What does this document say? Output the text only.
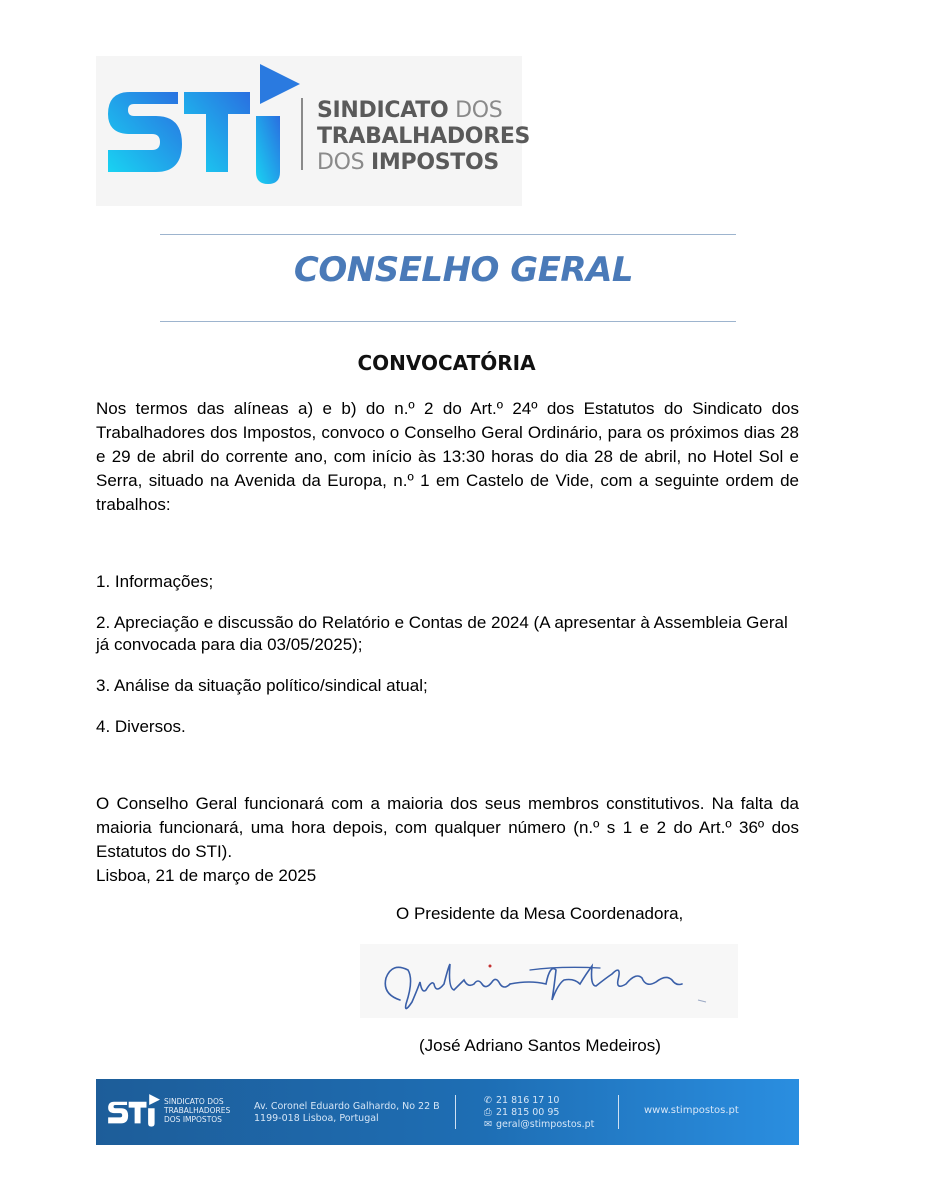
SINDICATO DOS
TRABALHADORES
DOS IMPOSTOS
CONSELHO GERAL
CONVOCATÓRIA

Nos termos das alíneas a) e b) do n.º 2 do Art.º 24º dos Estatutos do Sindicato dos Trabalhadores dos Impostos, convoco o Conselho Geral Ordinário, para os próximos dias 28 e 29 de abril do corrente ano, com início às 13:30 horas do dia 28 de abril, no Hotel Sol e Serra, situado na Avenida da Europa, n.º 1 em Castelo de Vide, com a seguinte ordem de trabalhos:

1. Informações;
2. Apreciação e discussão do Relatório e Contas de 2024 (A apresentar à Assembleia Geral já convocada para dia 03/05/2025);
3. Análise da situação político/sindical atual;
4. Diversos.

O Conselho Geral funcionará com a maioria dos seus membros constitutivos. Na falta da maioria funcionará, uma hora depois, com qualquer número (n.º s 1 e 2 do Art.º 36º dos Estatutos do STI).

Lisboa, 21 de março de 2025
O Presidente da Mesa Coordenadora,
(José Adriano Santos Medeiros)
SINDICATO DOS
TRABALHADORES
DOS IMPOSTOS
Av. Coronel Eduardo Galhardo, No 22 B
1199-018 Lisboa, Portugal
✆ 21 816 17 10
⎙ 21 815 00 95
✉ geral@stimpostos.pt
www.stimpostos.pt
